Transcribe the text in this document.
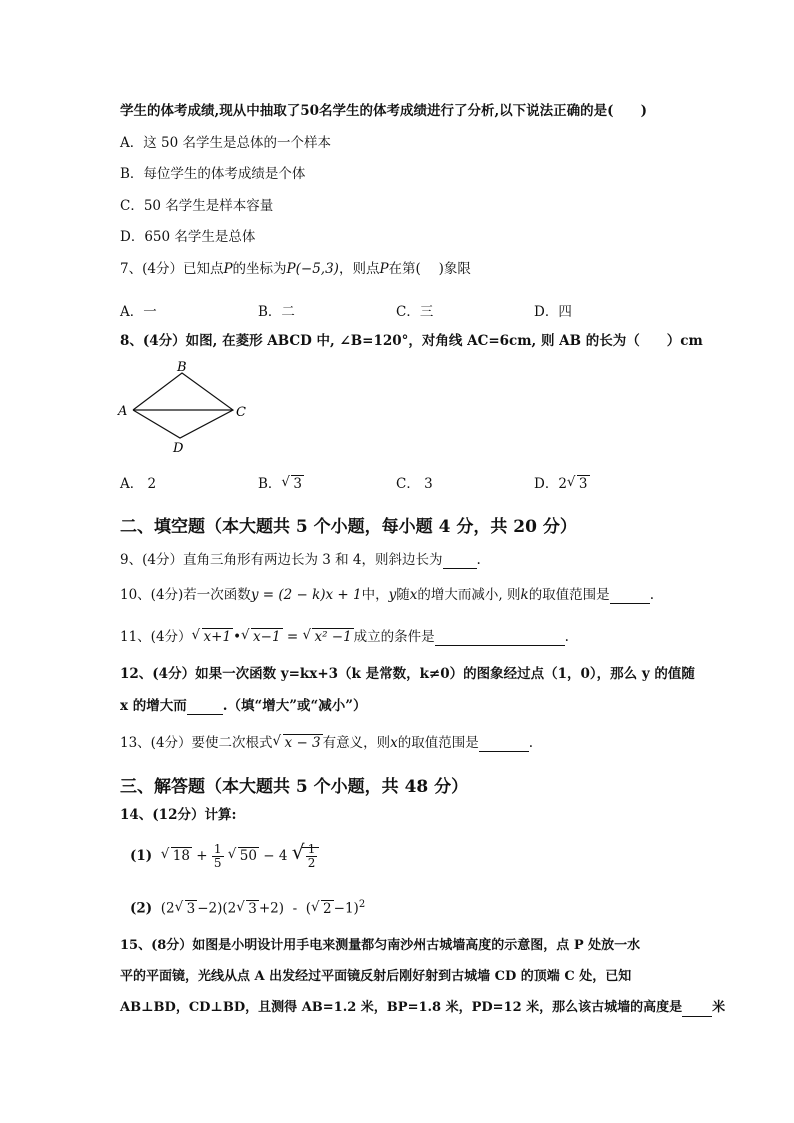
学生的体考成绩,现从中抽取了50名学生的体考成绩进行了分析,以下说法正确的是(　　)
A．这 50 名学生是总体的一个样本
B．每位学生的体考成绩是个体
C．50 名学生是样本容量
D．650 名学生是总体
7、(4分）已知点P的坐标为P(−5,3)，则点P在第(　 )象限
A．一	B．二	C．三	D．四
8、(4分）如图, 在菱形 ABCD 中, ∠B=120°，对角线 AC=6cm, 则 AB 的长为（　　）cm
B
A	C
D
A． 2	B． √ 3	C． 3	D．2 √ 3
二、填空题（本大题共 5 个小题，每小题 4 分，共 20 分）
9、(4分）直角三角形有两边长为 3 和 4，则斜边长为	.
10、(4分)若一次函数y = (2 − k)x + 1中，y随x的增大而减小, 则k的取值范围是	.
11、(4分） √ x+1 • √ x−1 = √ x² −1 成立的条件是	.
12、(4分）如果一次函数 y=kx+3（k 是常数，k≠0）的图象经过点（1，0），那么 y 的值随
x 的增大而	.（填“增大”或“减小”）
13、(4分）要使二次根式 √ x − 3 有意义，则x的取值范围是	.
三、解答题（本大题共 5 个小题，共 48 分）
14、(12分）计算:
(1) √ $18 + \frac{1}{5}$
√ 50 − 4 √ $\frac{1}{2}$
(2) (2 √ 3 −2)(2 √ 3 +2) - ( √ 2 −1)$^2$
15、(8分）如图是小明设计用手电来测量都匀南沙州古城墙高度的示意图，点 P 处放一水
平的平面镜，光线从点 A 出发经过平面镜反射后刚好射到古城墙 CD 的顶端 C 处，已知
AB⊥BD，CD⊥BD，且测得 AB=1.2 米，BP=1.8 米，PD=12 米，那么该古城墙的高度是 米
